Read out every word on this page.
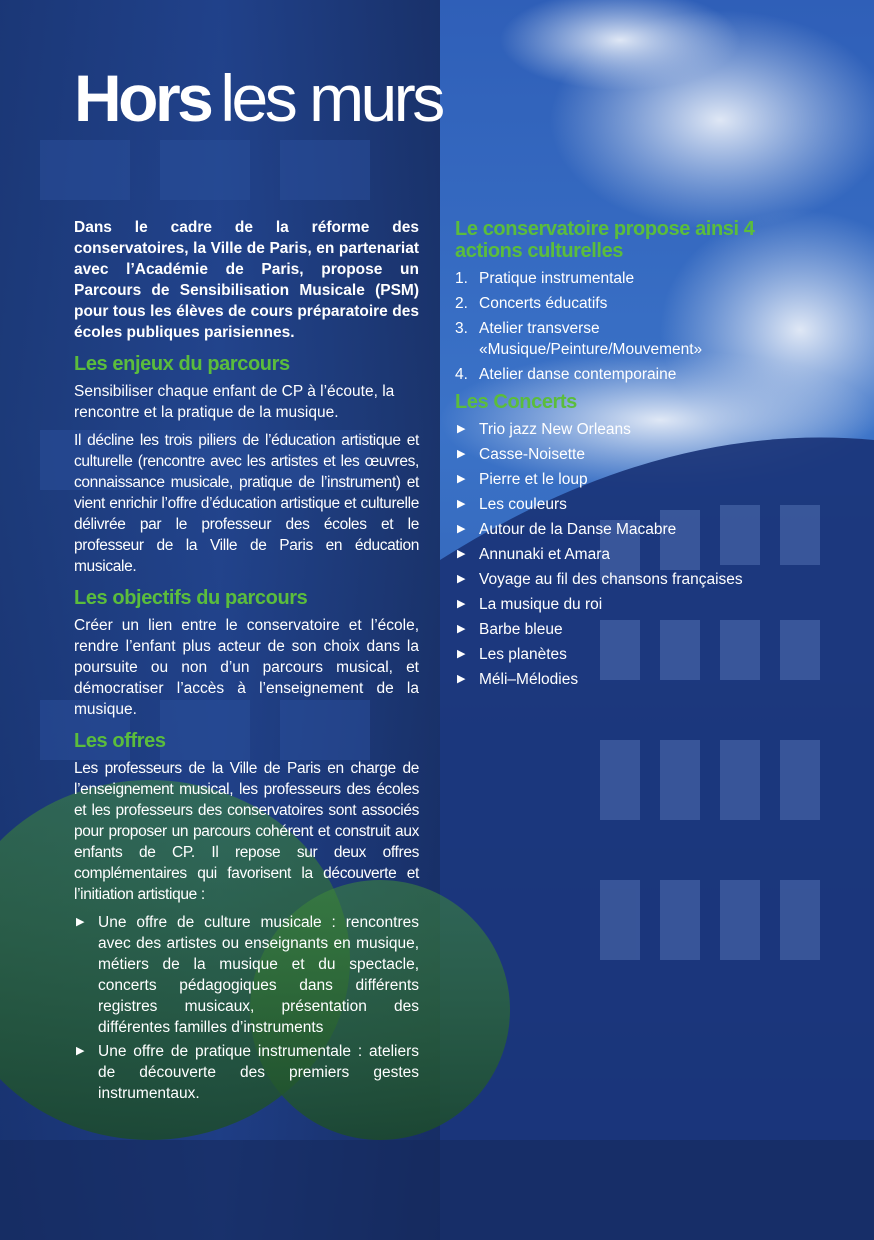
Hors les murs

Dans le cadre de la réforme des conservatoires, la Ville de Paris, en partenariat avec l’Académie de Paris, propose un Parcours de Sensibilisation Musicale (PSM) pour tous les élèves de cours préparatoire des écoles publiques parisiennes.

Les enjeux du parcours

Sensibiliser chaque enfant de CP à l’écoute, la rencontre et la pratique de la musique.

Il décline les trois piliers de l’éducation artistique et culturelle (rencontre avec les artistes et les œuvres, connaissance musicale, pratique de l’instrument) et vient enrichir l’offre d’éducation artistique et culturelle délivrée par le professeur des écoles et le professeur de la Ville de Paris en éducation musicale.

Les objectifs du parcours

Créer un lien entre le conservatoire et l’école, rendre l’enfant plus acteur de son choix dans la poursuite ou non d’un parcours musical, et démocratiser l’accès à l’enseignement de la musique.

Les offres

Les professeurs de la Ville de Paris en charge de l’enseignement musical, les professeurs des écoles et les professeurs des conservatoires sont associés pour proposer un parcours cohérent et construit aux enfants de CP. Il repose sur deux offres complémentaires qui favorisent la découverte et l’initiation artistique :

▶ Une offre de culture musicale : rencontres avec des artistes ou enseignants en musique, métiers de la musique et du spectacle, concerts pédagogiques dans différents registres musicaux, présentation des différentes familles d’instruments
▶ Une offre de pratique instrumentale : ateliers de découverte des premiers gestes instrumentaux.
Le conservatoire propose ainsi 4 actions culturelles
1. Pratique instrumentale
2. Concerts éducatifs
3. Atelier transverse «Musique/Peinture/Mouvement»
4. Atelier danse contemporaine
Les Concerts
▶ Trio jazz New Orleans
▶ Casse-Noisette
▶ Pierre et le loup
▶ Les couleurs
▶ Autour de la Danse Macabre
▶ Annunaki et Amara
▶ Voyage au fil des chansons françaises
▶ La musique du roi
▶ Barbe bleue
▶ Les planètes
▶ Méli–Mélodies
